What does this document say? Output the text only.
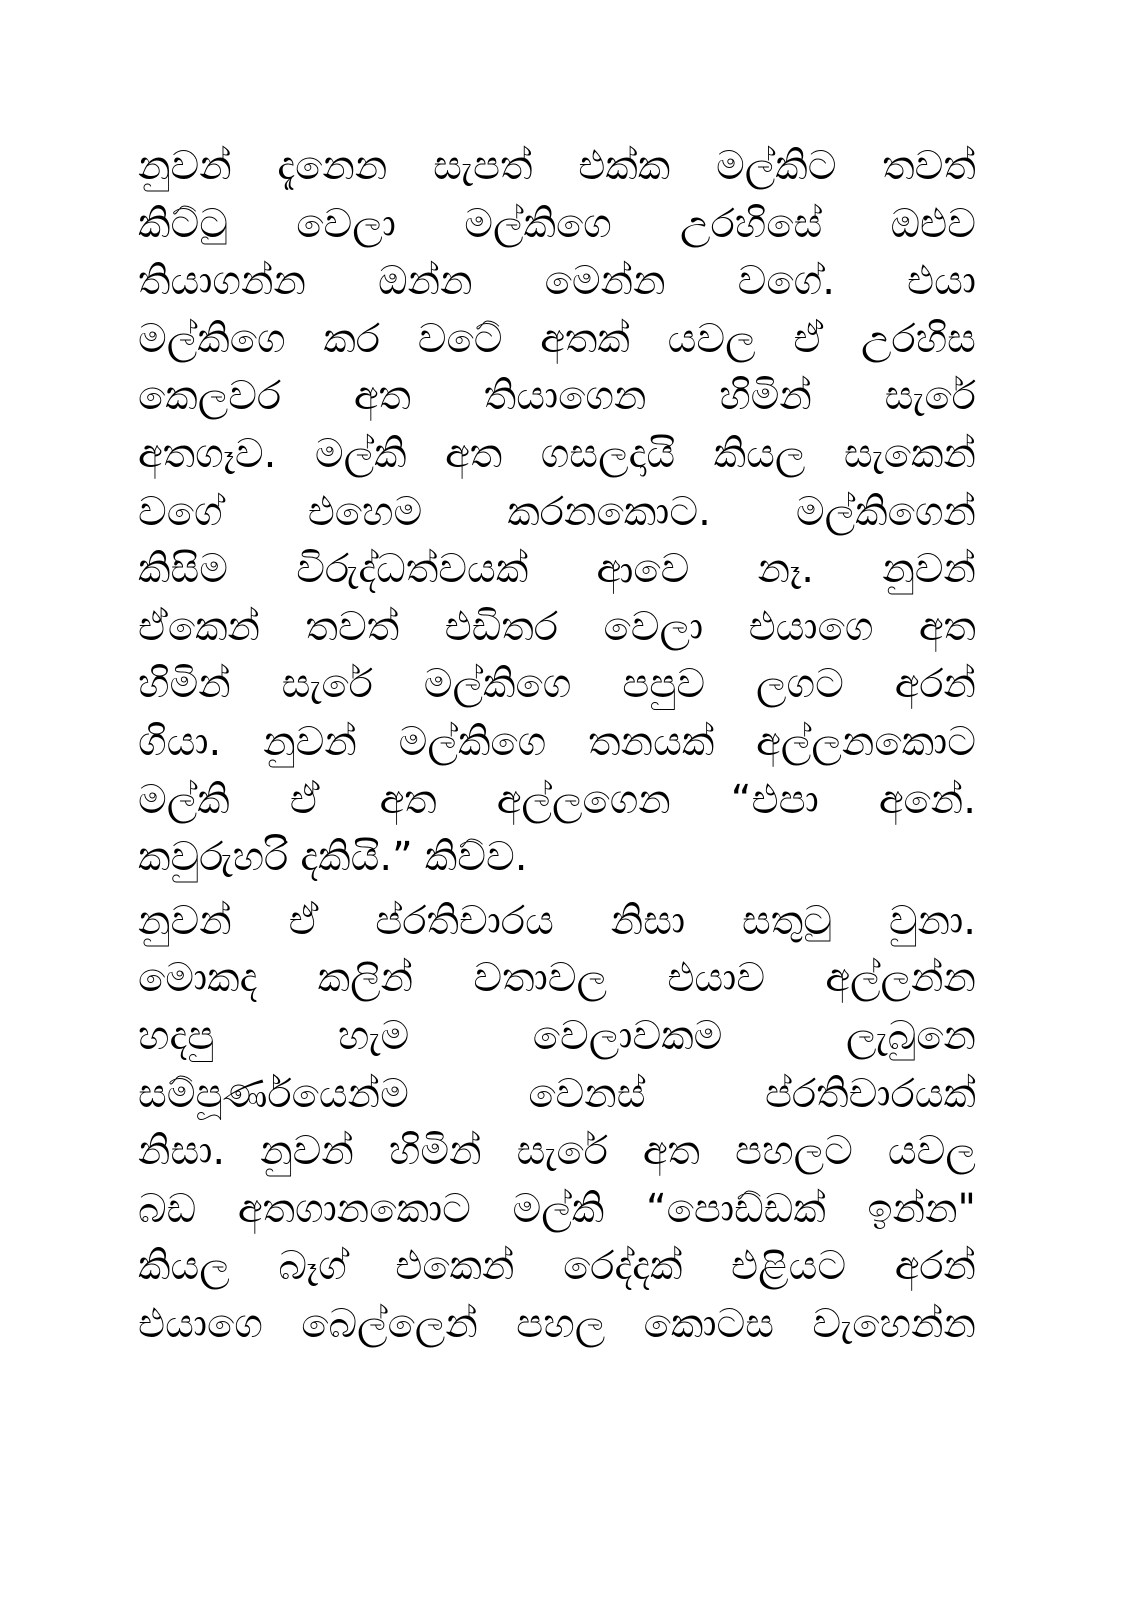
නුවන් දැනෙන සැපත් එක්ක මල්කිට තවත්
කිට්ටු වෙලා මල්කිගෙ උරහිසේ ඔළුව
තියාගන්න ඔන්න මෙන්න වගේ. එයා
මල්කිගෙ කර වටේ අතක් යවල ඒ උරහිස
කෙලවර අත තියාගෙන හිමින් සැරේ
අතගෑව. මල්කි අත ගසලදායි කියල සැකෙන්
වගේ එහෙම කරනකොට. මල්කිගෙන්
කිසිම විරුද්ධත්වයක් ආවෙ නෑ. නුවන්
ඒකෙන් තවත් එඩිතර වෙලා එයාගෙ අත
හිමින් සැරේ මල්කිගෙ පපුව ලගට අරන්
ගියා. නුවන් මල්කිගෙ තනයක් අල්ලනකොට
මල්කි ඒ අත අල්ලගෙන “එපා අනේ.
කවුරුහරි දකියි.” කිව්ව.
නුවන් ඒ ප්රතිචාරය නිසා සතුටු වුනා.
මොකද කලින් වතාවල එයාව අල්ලන්න
හදපු	හැම	වෙලාවකම	ලැබුනෙ
සම්පූර්ණයෙන්ම	වෙනස්	ප්රතිචාරයක්
නිසා. නුවන් හිමින් සැරේ අත පහලට යවල
බඩ අතගානකොට මල්කි “පොඩ්ඩක් ඉන්න"
කියල බෑග් එකෙන් රෙද්දක් එළියට අරන්
එයාගෙ බෙල්ලෙන් පහල කොටස වැහෙන්න
